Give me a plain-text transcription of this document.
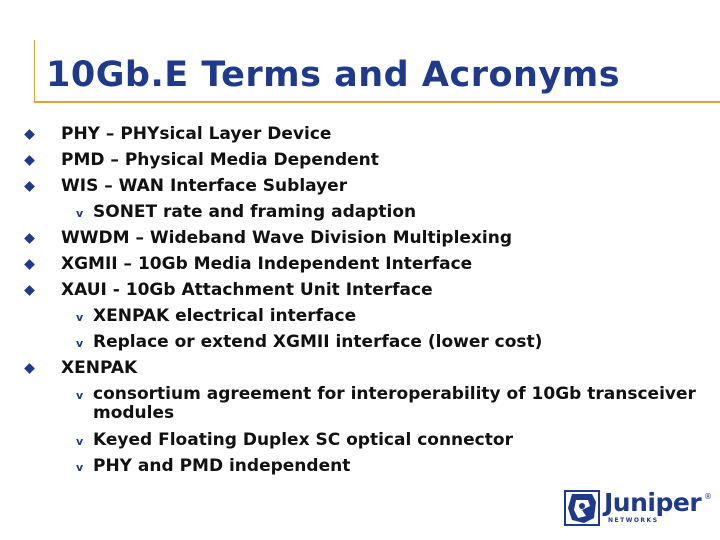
10Gb.E Terms and Acronyms
PHY – PHYsical Layer Device
PMD – Physical Media Dependent
WIS – WAN Interface Sublayer
v SONET rate and framing adaption
WWDM – Wideband Wave Division Multiplexing
XGMII – 10Gb Media Independent Interface
XAUI - 10Gb Attachment Unit Interface
v XENPAK electrical interface
v Replace or extend XGMII interface (lower cost)
XENPAK
v consortium agreement for interoperability of 10Gb transceiver
modules
v Keyed Floating Duplex SC optical connector
v PHY and PMD independent
Juniper ®
NETWORKS
